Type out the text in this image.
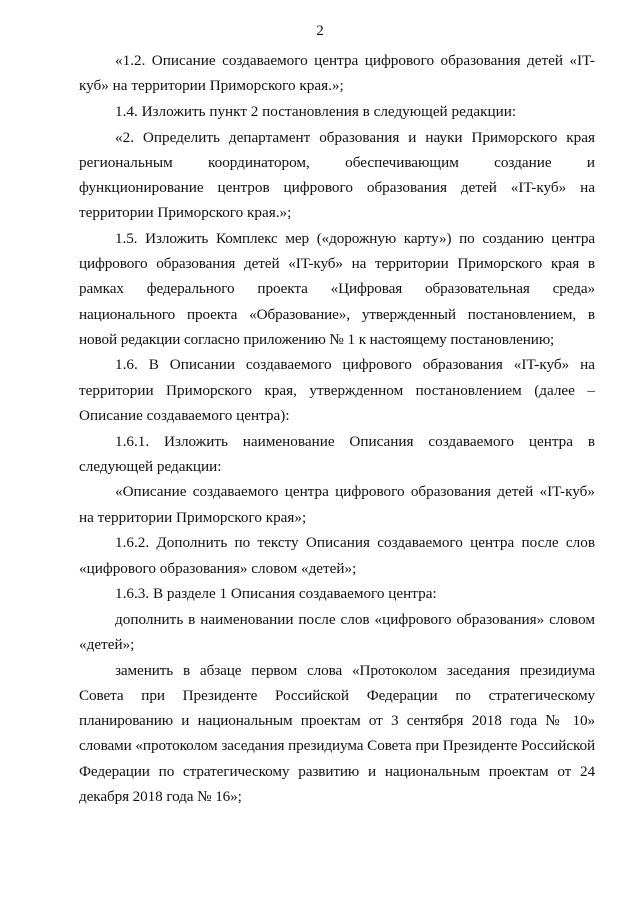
2

«1.2. Описание создаваемого центра цифрового образования детей «IT-куб» на территории Приморского края.»;

1.4. Изложить пункт 2 постановления в следующей редакции:

«2. Определить департамент образования и науки Приморского края региональным координатором, обеспечивающим создание и функционирование центров цифрового образования детей «IT-куб» на территории Приморского края.»;

1.5. Изложить Комплекс мер («дорожную карту») по созданию центра цифрового образования детей «IT-куб» на территории Приморского края в рамках федерального проекта «Цифровая образовательная среда» национального проекта «Образование», утвержденный постановлением, в новой редакции согласно приложению № 1 к настоящему постановлению;

1.6. В Описании создаваемого цифрового образования «IT-куб» на территории Приморского края, утвержденном постановлением (далее – Описание создаваемого центра):

1.6.1. Изложить наименование Описания создаваемого центра в следующей редакции:

«Описание создаваемого центра цифрового образования детей «IT-куб» на территории Приморского края»;

1.6.2. Дополнить по тексту Описания создаваемого центра после слов «цифрового образования» словом «детей»;

1.6.3. В разделе 1 Описания создаваемого центра:

дополнить в наименовании после слов «цифрового образования» словом «детей»;

заменить в абзаце первом слова «Протоколом заседания президиума Совета при Президенте Российской Федерации по стратегическому планированию и национальным проектам от 3 сентября 2018 года № 10» словами «протоколом заседания президиума Совета при Президенте Российской Федерации по стратегическому развитию и национальным проектам от 24 декабря 2018 года № 16»;
